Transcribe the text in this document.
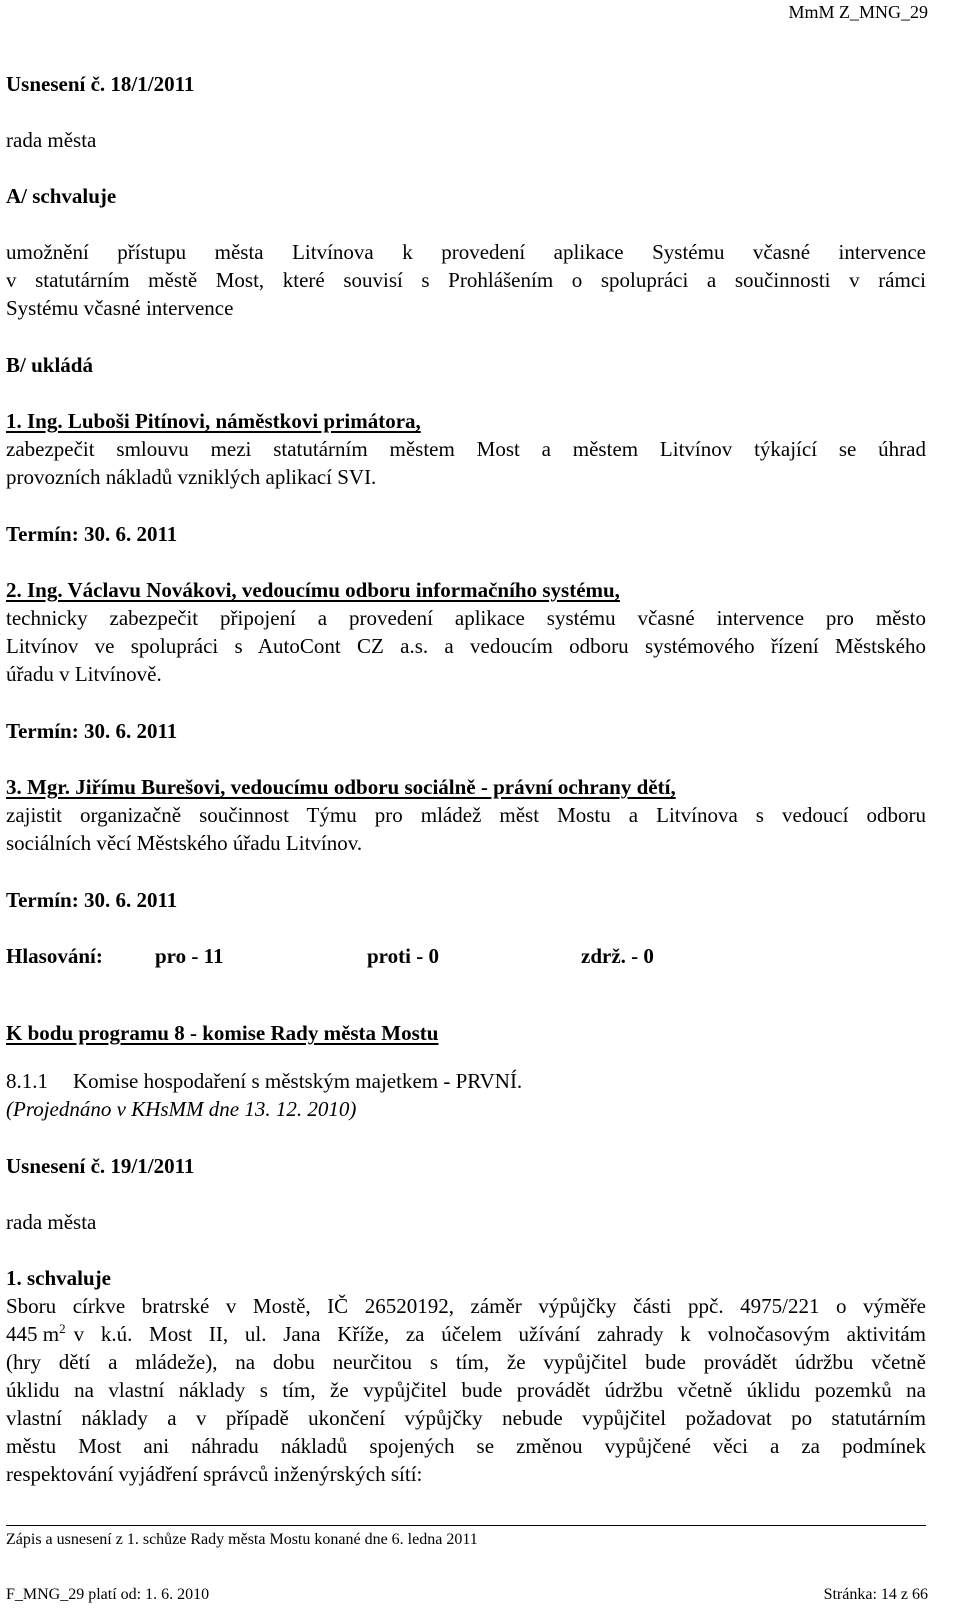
MmM Z_MNG_29
Usnesení č. 18/1/2011
rada města
A/ schvaluje
umožnění přístupu města Litvínova k provedení aplikace Systému včasné intervence
v statutárním městě Most, které souvisí s Prohlášením o spolupráci a součinnosti v rámci
Systému včasné intervence
B/ ukládá
1. Ing. Luboši Pitínovi, náměstkovi primátora,
zabezpečit smlouvu mezi statutárním městem Most a městem Litvínov týkající se úhrad
provozních nákladů vzniklých aplikací SVI.
Termín: 30. 6. 2011
2. Ing. Václavu Novákovi, vedoucímu odboru informačního systému,
technicky zabezpečit připojení a provedení aplikace systému včasné intervence pro město
Litvínov ve spolupráci s AutoCont CZ a.s. a vedoucím odboru systémového řízení Městského
úřadu v Litvínově.
Termín: 30. 6. 2011
3. Mgr. Jiřímu Burešovi, vedoucímu odboru sociálně - právní ochrany dětí,
zajistit organizačně součinnost Týmu pro mládež měst Mostu a Litvínova s vedoucí odboru
sociálních věcí Městského úřadu Litvínov.
Termín: 30. 6. 2011
Hlasování: pro - 11	proti - 0	zdrž. - 0
K bodu programu 8 - komise Rady města Mostu
8.1.1 Komise hospodaření s městským majetkem - PRVNÍ.
(Projednáno v KHsMM dne 13. 12. 2010)
Usnesení č. 19/1/2011
rada města
1. schvaluje
Sboru církve bratrské v Mostě, IČ 26520192, záměr výpůjčky části ppč. 4975/221 o výměře
445 $m^2$ v k.ú. Most II, ul. Jana Kříže, za účelem užívání zahrady k volnočasovým aktivitám
(hry dětí a mládeže), na dobu neurčitou s tím, že vypůjčitel bude provádět údržbu včetně
úklidu na vlastní náklady s tím, že vypůjčitel bude provádět údržbu včetně úklidu pozemků na
vlastní náklady a v případě ukončení výpůjčky nebude vypůjčitel požadovat po statutárním
městu Most ani náhradu nákladů spojených se změnou vypůjčené věci a za podmínek
respektování vyjádření správců inženýrských sítí:
Zápis a usnesení z 1. schůze Rady města Mostu konané dne 6. ledna 2011
F_MNG_29 platí od: 1. 6. 2010	Stránka: 14 z 66
